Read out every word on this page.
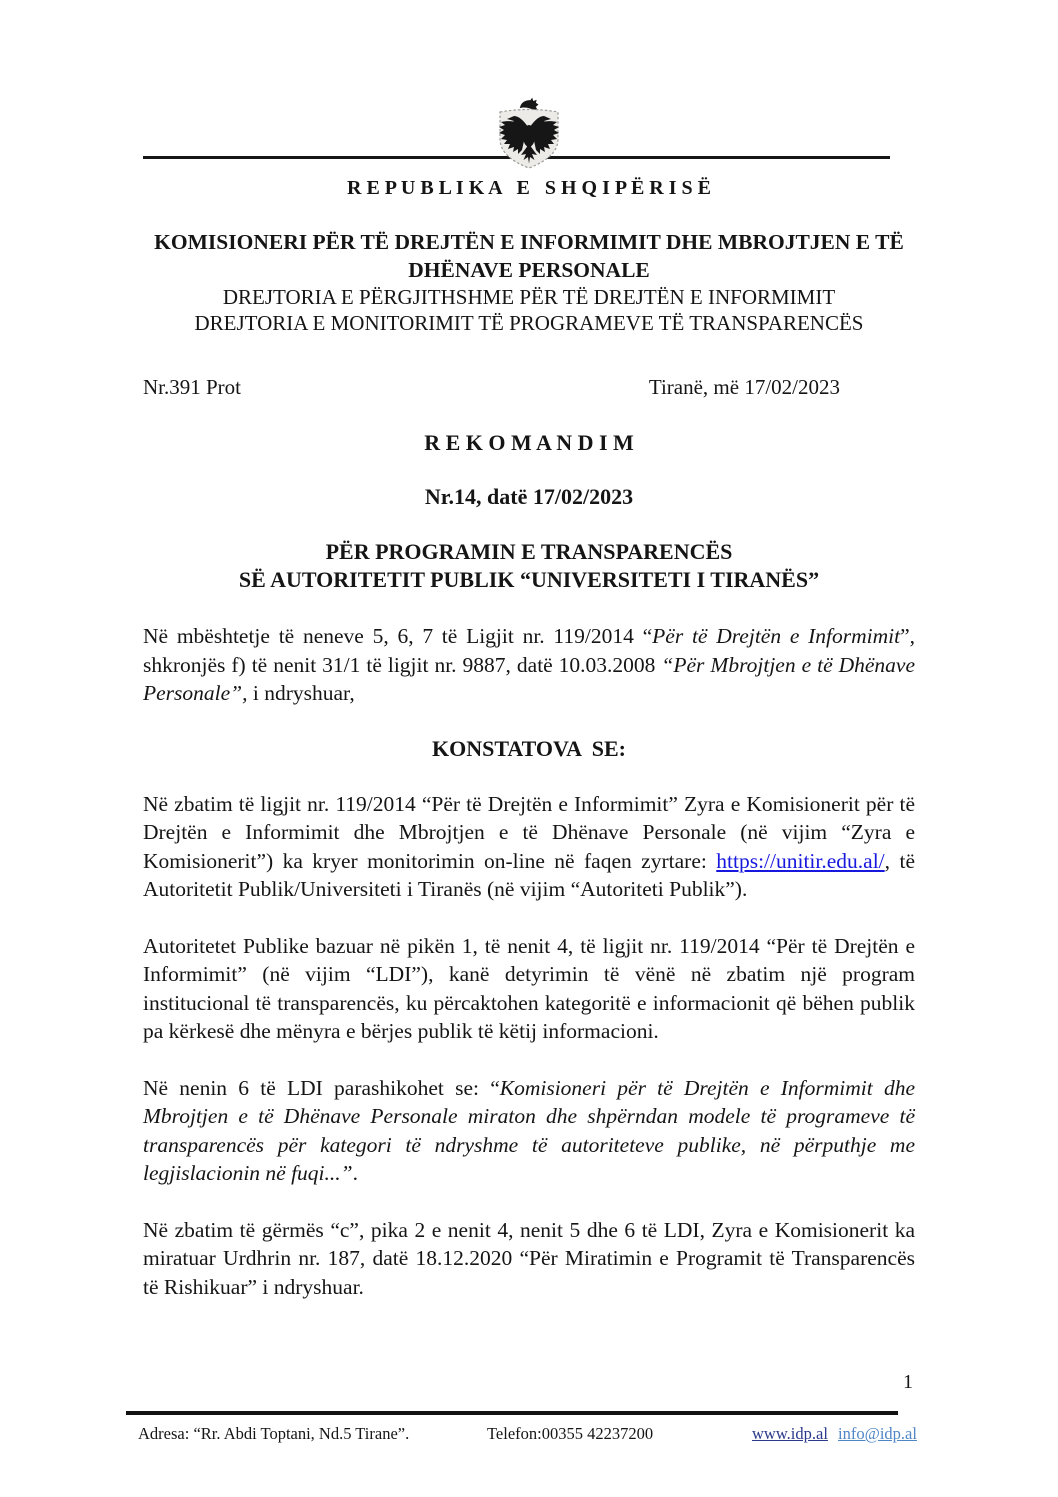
R E P U B L I K A   E   S H Q I P Ë R I S Ë
KOMISIONERI PËR TË DREJTËN E INFORMIMIT DHE MBROJTJEN E TË
DHËNAVE PERSONALE
DREJTORIA E PËRGJITHSHME PËR TË DREJTËN E INFORMIMIT
DREJTORIA E MONITORIMIT TË PROGRAMEVE TË TRANSPARENCËS
Nr.391 Prot	Tiranë, më 17/02/2023
R E K O M A N D I M
Nr.14, datë 17/02/2023
PËR PROGRAMIN E TRANSPARENCËS
SË AUTORITETIT PUBLIK “UNIVERSITETI I TIRANËS”

Në mbështetje të neneve 5, 6, 7 të Ligjit nr. 119/2014 “Për të Drejtën e Informimit”, shkronjës f) të nenit 31/1 të ligjit nr. 9887, datë 10.03.2008 “Për Mbrojtjen e të Dhënave Personale”, i ndryshuar,

KONSTATOVA  SE:

Në zbatim të ligjit nr. 119/2014 “Për të Drejtën e Informimit” Zyra e Komisionerit për të Drejtën e Informimit dhe Mbrojtjen e të Dhënave Personale (në vijim “Zyra e Komisionerit”) ka kryer monitorimin on-line në faqen zyrtare: https://unitir.edu.al/, të Autoritetit Publik/Universiteti i Tiranës (në vijim “Autoriteti Publik”).

Autoritetet Publike bazuar në pikën 1, të nenit 4, të ligjit nr. 119/2014 “Për të Drejtën e Informimit” (në vijim “LDI”), kanë detyrimin të vënë në zbatim një program institucional të transparencës, ku përcaktohen kategoritë e informacionit që bëhen publik pa kërkesë dhe mënyra e bërjes publik të këtij informacioni.

Në nenin 6 të LDI parashikohet se: “Komisioneri për të Drejtën e Informimit dhe Mbrojtjen e të Dhënave Personale miraton dhe shpërndan modele të programeve të transparencës për kategori të ndryshme të autoriteteve publike, në përputhje me legjislacionin në fuqi...”.

Në zbatim të gërmës “c”, pika 2 e nenit 4, nenit 5 dhe 6 të LDI, Zyra e Komisionerit ka miratuar Urdhrin nr. 187, datë 18.12.2020 “Për Miratimin e Programit të Transparencës të Rishikuar” i ndryshuar.

1
Adresa: “Rr. Abdi Toptani, Nd.5 Tirane”.	Telefon:00355 42237200	www.idp.al info@idp.al
